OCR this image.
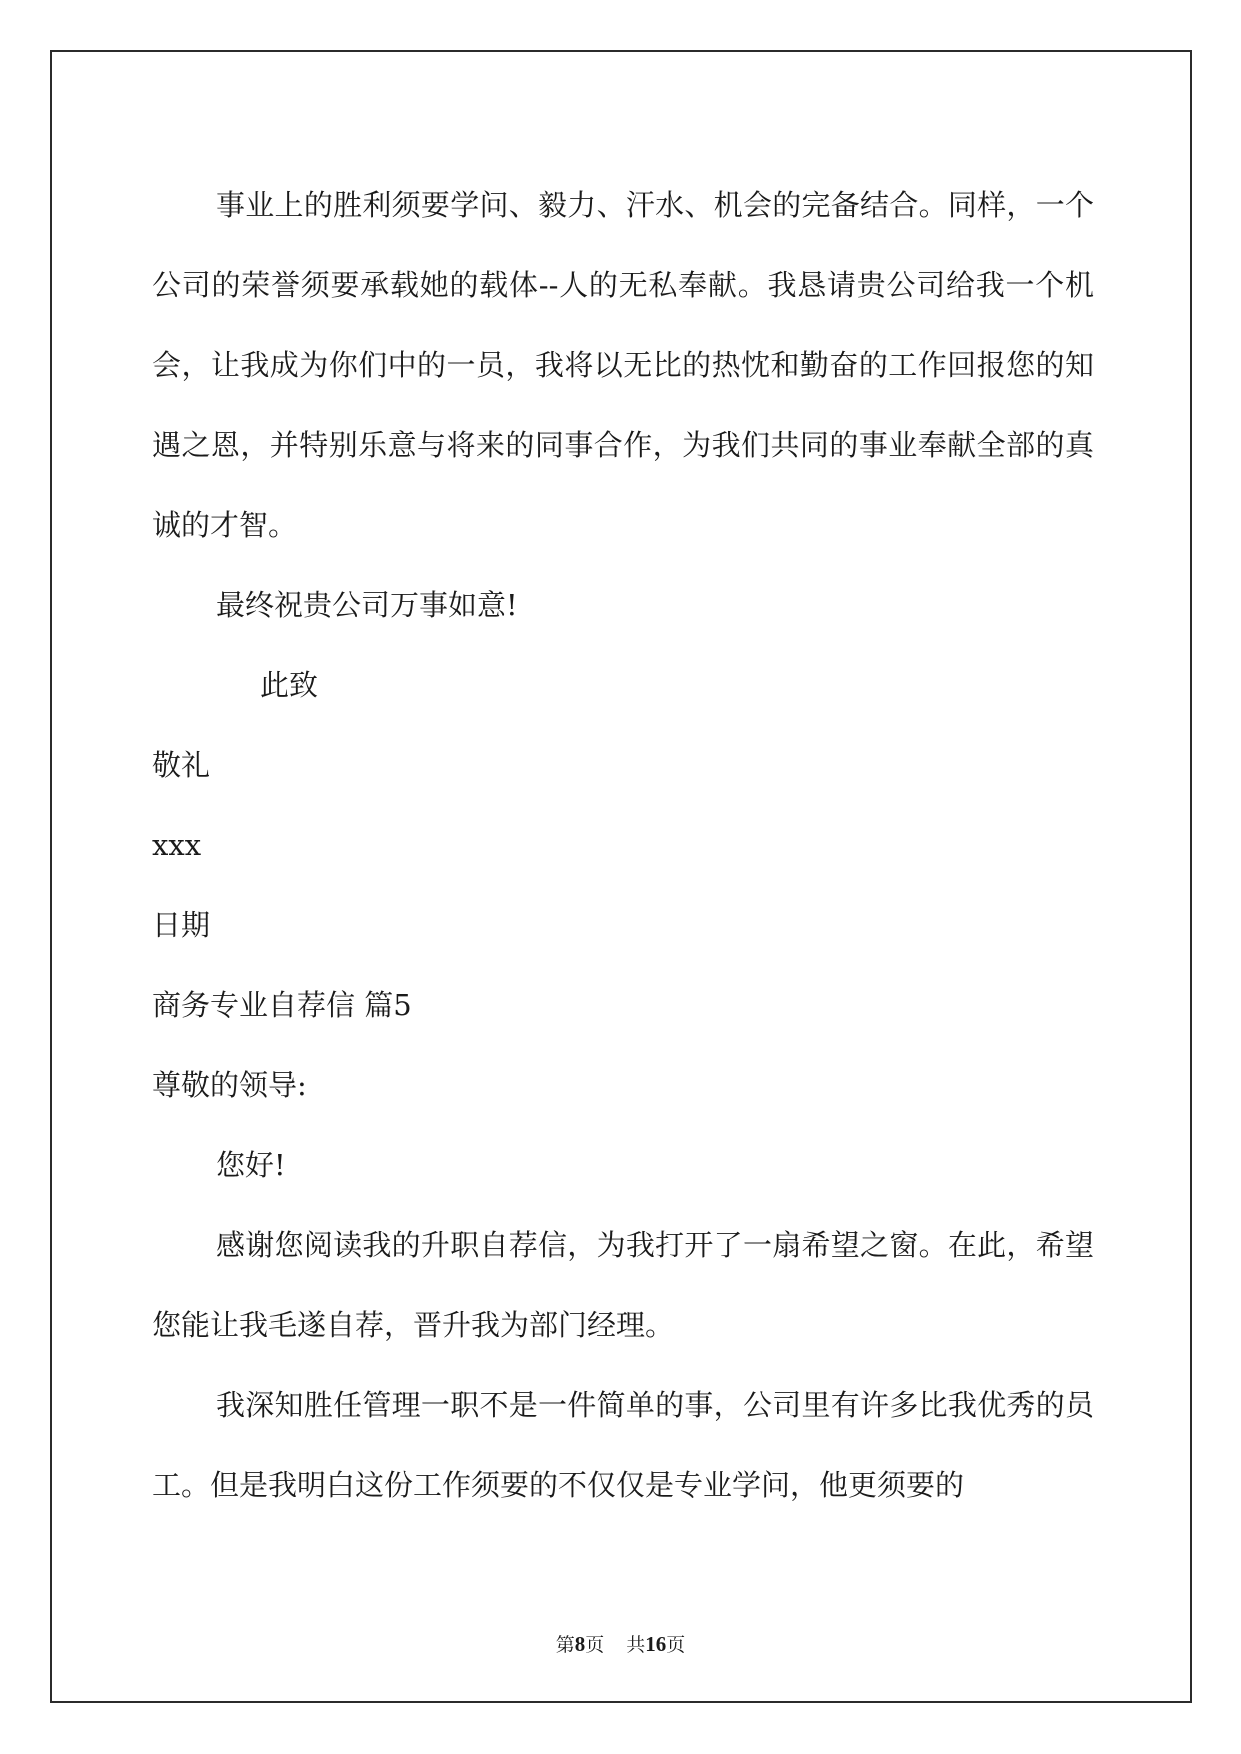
事业上的胜利须要学问、毅力、汗水、机会的完备结合。同样，一个公司的荣誉须要承载她的载体--人的无私奉献。我恳请贵公司给我一个机会，让我成为你们中的一员，我将以无比的热忱和勤奋的工作回报您的知遇之恩，并特别乐意与将来的同事合作，为我们共同的事业奉献全部的真诚的才智。

最终祝贵公司万事如意!

此致

敬礼

xxx

日期

商务专业自荐信 篇5

尊敬的领导:

您好!

感谢您阅读我的升职自荐信，为我打开了一扇希望之窗。在此，希望您能让我毛遂自荐，晋升我为部门经理。

我深知胜任管理一职不是一件简单的事，公司里有许多比我优秀的员工。但是我明白这份工作须要的不仅仅是专业学问，他更须要的

第8页 共16页
